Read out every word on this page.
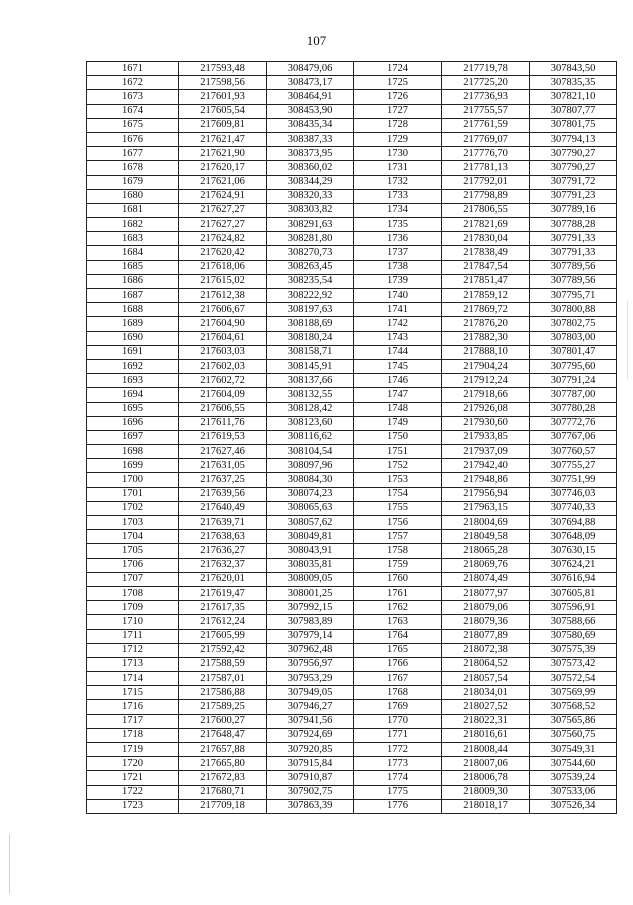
107
1671	217593,48	308479,06	1724	217719,78	307843,50
1672	217598,56	308473,17	1725	217725,20	307835,35
1673	217601,93	308464,91	1726	217736,93	307821,10
1674	217605,54	308453,90	1727	217755,57	307807,77
1675	217609,81	308435,34	1728	217761,59	307801,75
1676	217621,47	308387,33	1729	217769,07	307794,13
1677	217621,90	308373,95	1730	217776,70	307790,27
1678	217620,17	308360,02	1731	217781,13	307790,27
1679	217621,06	308344,29	1732	217792,01	307791,72
1680	217624,91	308320,33	1733	217798,89	307791,23
1681	217627,27	308303,82	1734	217806,55	307789,16
1682	217627,27	308291,63	1735	217821,69	307788,28
1683	217624,82	308281,80	1736	217830,04	307791,33
1684	217620,42	308270,73	1737	217838,49	307791,33
1685	217618,06	308263,45	1738	217847,54	307789,56
1686	217615,02	308235,54	1739	217851,47	307789,56
1687	217612,38	308222,92	1740	217859,12	307795,71
1688	217606,67	308197,63	1741	217869,72	307800,88
1689	217604,90	308188,69	1742	217876,20	307802,75
1690	217604,61	308180,24	1743	217882,30	307803,00
1691	217603,03	308158,71	1744	217888,10	307801,47
1692	217602,03	308145,91	1745	217904,24	307795,60
1693	217602,72	308137,66	1746	217912,24	307791,24
1694	217604,09	308132,55	1747	217918,66	307787,00
1695	217606,55	308128,42	1748	217926,08	307780,28
1696	217611,76	308123,60	1749	217930,60	307772,76
1697	217619,53	308116,62	1750	217933,85	307767,06
1698	217627,46	308104,54	1751	217937,09	307760,57
1699	217631,05	308097,96	1752	217942,40	307755,27
1700	217637,25	308084,30	1753	217948,86	307751,99
1701	217639,56	308074,23	1754	217956,94	307746,03
1702	217640,49	308065,63	1755	217963,15	307740,33
1703	217639,71	308057,62	1756	218004,69	307694,88
1704	217638,63	308049,81	1757	218049,58	307648,09
1705	217636,27	308043,91	1758	218065,28	307630,15
1706	217632,37	308035,81	1759	218069,76	307624,21
1707	217620,01	308009,05	1760	218074,49	307616,94
1708	217619,47	308001,25	1761	218077,97	307605,81
1709	217617,35	307992,15	1762	218079,06	307596,91
1710	217612,24	307983,89	1763	218079,36	307588,66
1711	217605,99	307979,14	1764	218077,89	307580,69
1712	217592,42	307962,48	1765	218072,38	307575,39
1713	217588,59	307956,97	1766	218064,52	307573,42
1714	217587,01	307953,29	1767	218057,54	307572,54
1715	217586,88	307949,05	1768	218034,01	307569,99
1716	217589,25	307946,27	1769	218027,52	307568,52
1717	217600,27	307941,56	1770	218022,31	307565,86
1718	217648,47	307924,69	1771	218016,61	307560,75
1719	217657,88	307920,85	1772	218008,44	307549,31
1720	217665,80	307915,84	1773	218007,06	307544,60
1721	217672,83	307910,87	1774	218006,78	307539,24
1722	217680,71	307902,75	1775	218009,30	307533,06
1723	217709,18	307863,39	1776	218018,17	307526,34
